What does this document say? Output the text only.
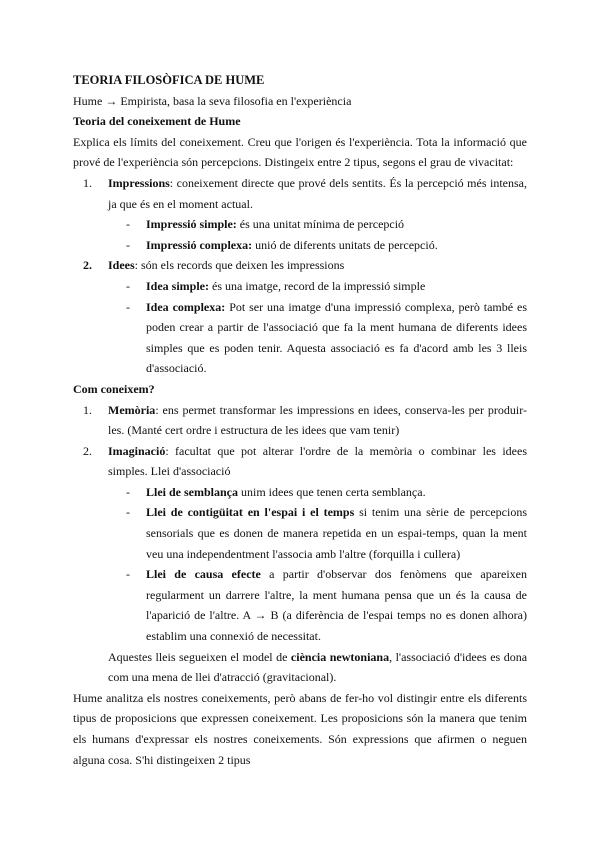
TEORIA FILOSÒFICA DE HUME

Hume → Empirista, basa la seva filosofia en l'experiència

Teoria del coneixement de Hume

Explica els límits del coneixement. Creu que l'origen és l'experiència. Tota la informació que prové de l'experiència són percepcions. Distingeix entre 2 tipus, segons el grau de vivacitat:

1. Impressions: coneixement directe que prové dels sentits. És la percepció més intensa, ja que és en el moment actual.
- Impressió simple: és una unitat mínima de percepció
- Impressió complexa: unió de diferents unitats de percepció.
2. Idees: són els records que deixen les impressions
- Idea simple: és una imatge, record de la impressió simple
- Idea complexa: Pot ser una imatge d'una impressió complexa, però també es poden crear a partir de l'associació que fa la ment humana de diferents idees simples que es poden tenir. Aquesta associació es fa d'acord amb les 3 lleis d'associació.

Com coneixem?

1. Memòria: ens permet transformar les impressions en idees, conserva-les per produir-les. (Manté cert ordre i estructura de les idees que vam tenir)
2. Imaginació: facultat que pot alterar l'ordre de la memòria o combinar les idees simples. Llei d'associació
- Llei de semblança unim idees que tenen certa semblança.
- Llei de contigüitat en l'espai i el temps si tenim una sèrie de percepcions sensorials que es donen de manera repetida en un espai-temps, quan la ment veu una independentment l'associa amb l'altre (forquilla i cullera)
- Llei de causa efecte a partir d'observar dos fenòmens que apareixen regularment un darrere l'altre, la ment humana pensa que un és la causa de l'aparició de l'altre. A → B (a diferència de l'espai temps no es donen alhora) establim una connexió de necessitat.

Aquestes lleis segueixen el model de ciència newtoniana, l'associació d'idees es dona com una mena de llei d'atracció (gravitacional).

Hume analitza els nostres coneixements, però abans de fer-ho vol distingir entre els diferents tipus de proposicions que expressen coneixement. Les proposicions són la manera que tenim els humans d'expressar els nostres coneixements. Són expressions que afirmen o neguen alguna cosa. S'hi distingeixen 2 tipus
